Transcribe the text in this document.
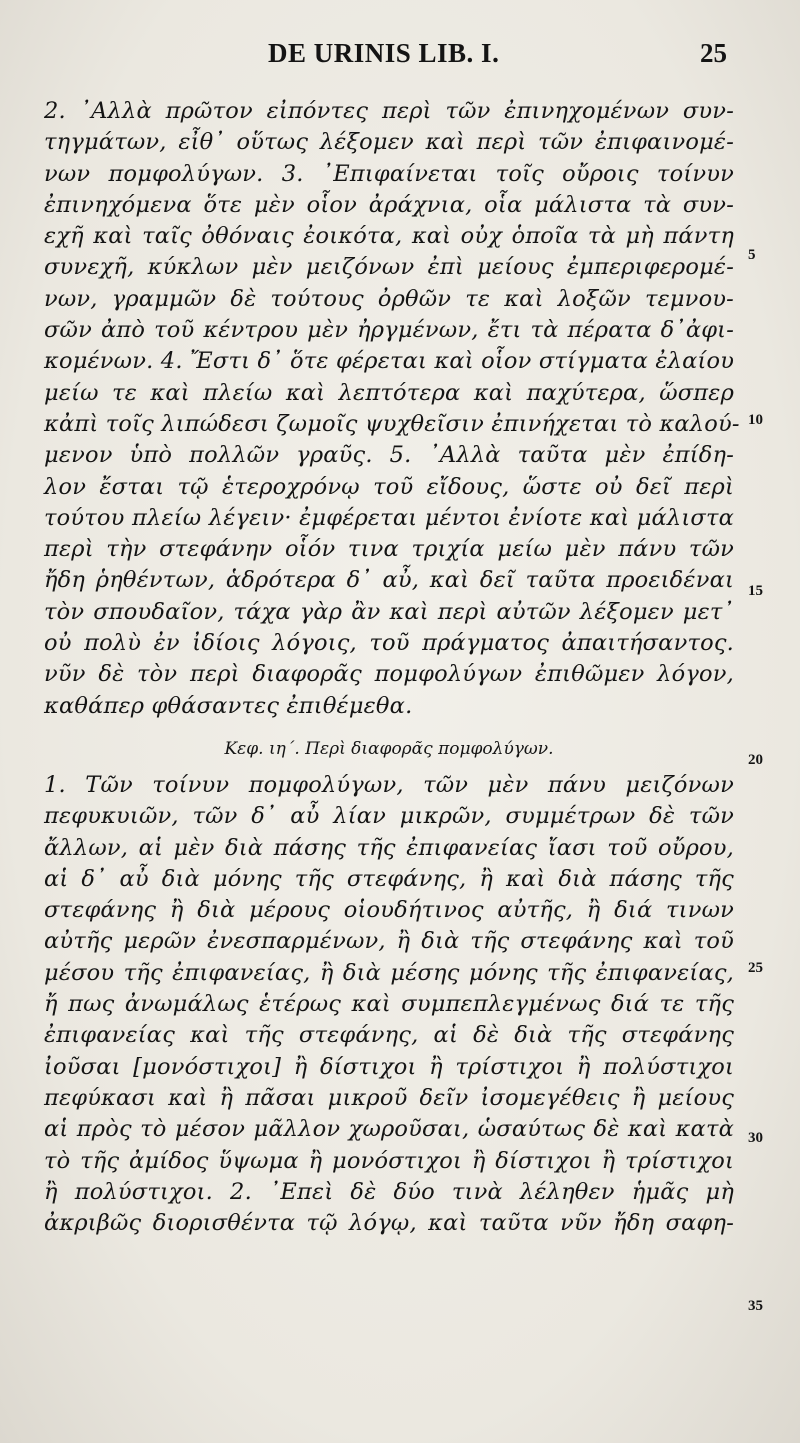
DE URINIS LIB. I.	25
2. ᾿Αλλὰ πρῶτον εἰπόντες περὶ τῶν ἐπινηχομένων συν-
τηγμάτων, εἶθ᾿ οὕτως λέξομεν καὶ περὶ τῶν ἐπιφαινομέ-
νων πομφολύγων. 3. ᾿Επιφαίνεται τοῖς οὔροις τοίνυν
ἐπινηχόμενα ὅτε μὲν οἷον ἀράχνια, οἷα μάλιστα τὰ συν-
εχῆ καὶ ταῖς ὀθόναις ἐοικότα, καὶ οὐχ ὁποῖα τὰ μὴ πάντη
συνεχῆ, κύκλων μὲν μειζόνων ἐπὶ μείους ἐμπεριφερομέ-
νων, γραμμῶν δὲ τούτους ὀρθῶν τε καὶ λοξῶν τεμνου-
σῶν ἀπὸ τοῦ κέντρου μὲν ἠργμένων, ἔτι τὰ πέρατα δ᾿ἀφι-
κομένων. 4. Ἔστι δ᾿ ὅτε φέρεται καὶ οἷον στίγματα ἐλαίου
μείω τε καὶ πλείω καὶ λεπτότερα καὶ παχύτερα, ὥσπερ
κἀπὶ τοῖς λιπώδεσι ζωμοῖς ψυχθεῖσιν ἐπινήχεται τὸ καλού-
μενον ὑπὸ πολλῶν γραῦς. 5. ᾿Αλλὰ ταῦτα μὲν ἐπίδη-
λον ἔσται τῷ ἑτεροχρόνῳ τοῦ εἴδους, ὥστε οὐ δεῖ περὶ
τούτου πλείω λέγειν· ἐμφέρεται μέντοι ἐνίοτε καὶ μάλιστα
περὶ τὴν στεφάνην οἷόν τινα τριχία μείω μὲν πάνυ τῶν
ἤδη ῥηθέντων, ἁδρότερα δ᾿ αὖ, καὶ δεῖ ταῦτα προειδέναι
τὸν σπουδαῖον, τάχα γὰρ ἂν καὶ περὶ αὐτῶν λέξομεν μετ᾿
οὐ πολὺ ἐν ἰδίοις λόγοις, τοῦ πράγματος ἀπαιτήσαντος.
νῦν δὲ τὸν περὶ διαφορᾶς πομφολύγων ἐπιθῶμεν λόγον,
καθάπερ φθάσαντες ἐπιθέμεθα.
Κεφ. ιη΄. Περὶ διαφορᾶς πομφολύγων.
1. Τῶν τοίνυν πομφολύγων, τῶν μὲν πάνυ μειζόνων
πεφυκυιῶν, τῶν δ᾿ αὖ λίαν μικρῶν, συμμέτρων δὲ τῶν
ἄλλων, αἱ μὲν διὰ πάσης τῆς ἐπιφανείας ἴασι τοῦ οὔρου,
αἱ δ᾿ αὖ διὰ μόνης τῆς στεφάνης, ἢ καὶ διὰ πάσης τῆς
στεφάνης ἢ διὰ μέρους οἱουδήτινος αὐτῆς, ἢ διά τινων
αὐτῆς μερῶν ἐνεσπαρμένων, ἢ διὰ τῆς στεφάνης καὶ τοῦ
μέσου τῆς ἐπιφανείας, ἢ διὰ μέσης μόνης τῆς ἐπιφανείας,
ἤ πως ἀνωμάλως ἑτέρως καὶ συμπεπλεγμένως διά τε τῆς
ἐπιφανείας καὶ τῆς στεφάνης, αἱ δὲ διὰ τῆς στεφάνης
ἰοῦσαι [μονόστιχοι] ἢ δίστιχοι ἢ τρίστιχοι ἢ πολύστιχοι
πεφύκασι καὶ ἢ πᾶσαι μικροῦ δεῖν ἰσομεγέθεις ἢ μείους
αἱ πρὸς τὸ μέσον μᾶλλον χωροῦσαι, ὡσαύτως δὲ καὶ κατὰ
τὸ τῆς ἀμίδος ὕψωμα ἢ μονόστιχοι ἢ δίστιχοι ἢ τρίστιχοι
ἢ πολύστιχοι. 2. ᾿Επεὶ δὲ δύο τινὰ λέληθεν ἡμᾶς μὴ
ἀκριβῶς διορισθέντα τῷ λόγῳ, καὶ ταῦτα νῦν ἤδη σαφη-
5
10
15
20
25
30
35
